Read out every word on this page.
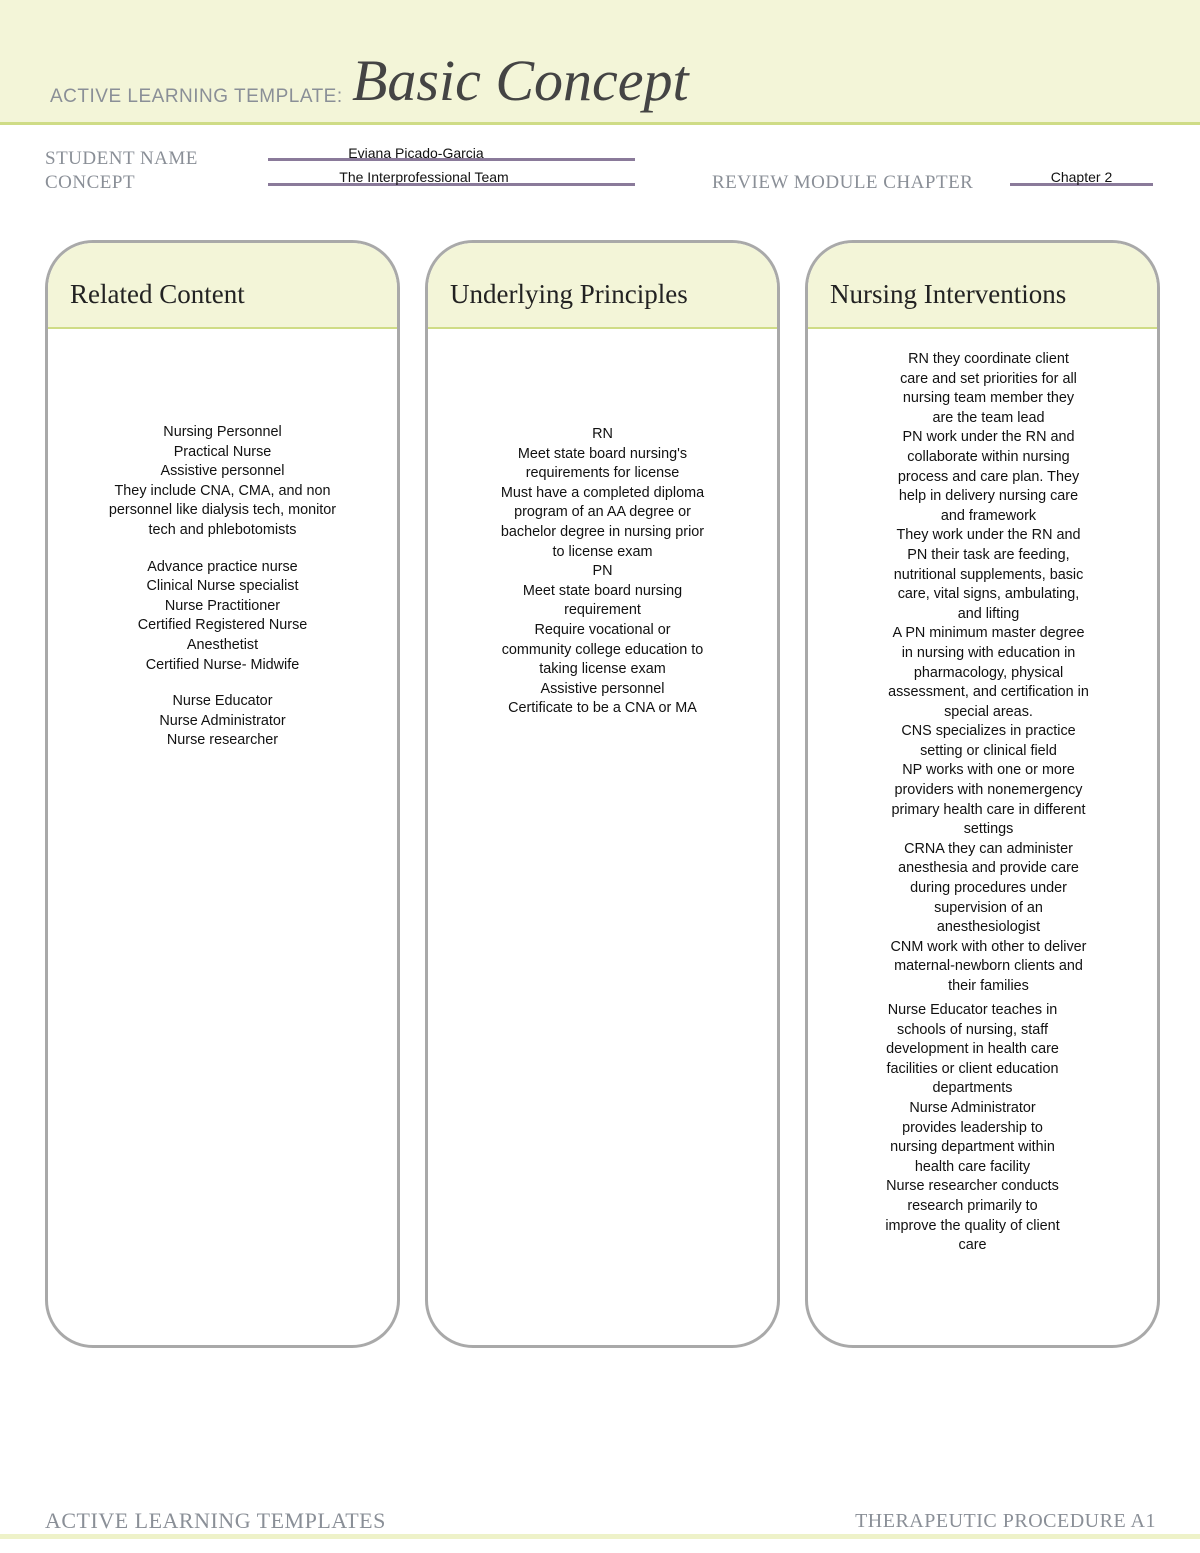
ACTIVE LEARNING TEMPLATE: Basic Concept
STUDENT NAME	Eviana Picado-Garcia
CONCEPT	The Interprofessional Team	REVIEW MODULE CHAPTER	Chapter 2
Related Content
Nursing Personnel
Practical Nurse
Assistive personnel
They include CNA, CMA, and non
personnel like dialysis tech, monitor
tech and phlebotomists
Advance practice nurse
Clinical Nurse specialist
Nurse Practitioner
Certified Registered Nurse
Anesthetist
Certified Nurse- Midwife
Nurse Educator
Nurse Administrator
Nurse researcher
Underlying Principles
RN
Meet state board nursing's
requirements for license
Must have a completed diploma
program of an AA degree or
bachelor degree in nursing prior
to license exam
PN
Meet state board nursing
requirement
Require vocational or
community college education to
taking license exam
Assistive personnel
Certificate to be a CNA or MA
Nursing Interventions
RN they coordinate client
care and set priorities for all
nursing team member they
are the team lead
PN work under the RN and
collaborate within nursing
process and care plan. They
help in delivery nursing care
and framework
They work under the RN and
PN their task are feeding,
nutritional supplements, basic
care, vital signs, ambulating,
and lifting
A PN minimum master degree
in nursing with education in
pharmacology, physical
assessment, and certification in
special areas.
CNS specializes in practice
setting or clinical field
NP works with one or more
providers with nonemergency
primary health care in different
settings
CRNA they can administer
anesthesia and provide care
during procedures under
supervision of an
anesthesiologist
CNM work with other to deliver
maternal-newborn clients and
their families
Nurse Educator teaches in
schools of nursing, staff
development in health care
facilities or client education
departments
Nurse Administrator
provides leadership to
nursing department within
health care facility
Nurse researcher conducts
research primarily to
improve the quality of client
care
ACTIVE LEARNING TEMPLATES	THERAPEUTIC PROCEDURE A1
